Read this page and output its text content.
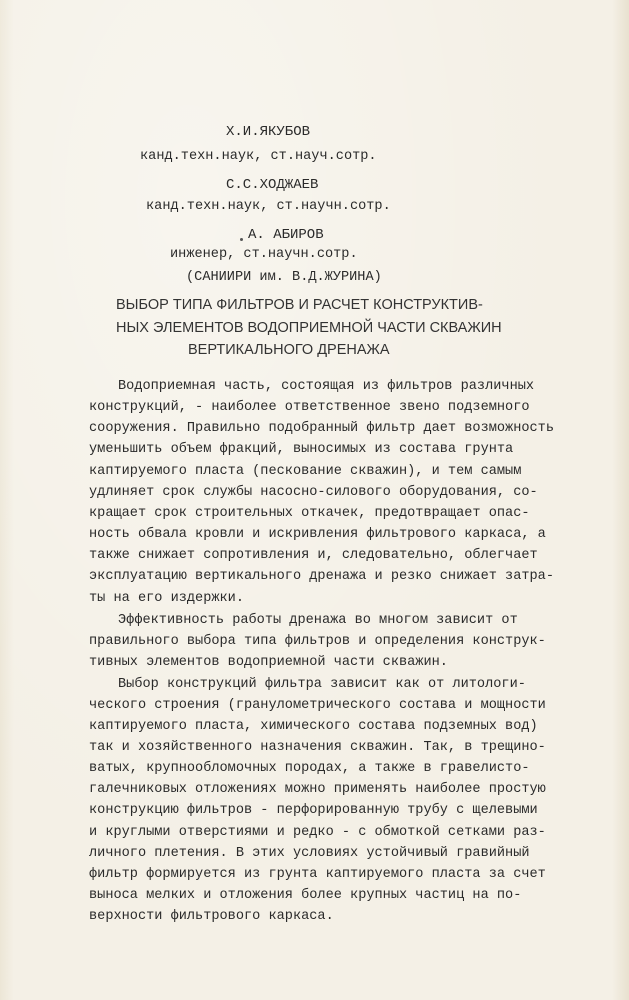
Х.И.ЯКУБОВ
канд.техн.наук, ст.науч.сотр.
С.С.ХОДЖАЕВ
канд.техн.наук, ст.научн.сотр.
А. АБИРОВ
инженер, ст.научн.сотр.
(САНИИРИ им. В.Д.ЖУРИНА)
ВЫБОР ТИПА ФИЛЬТРОВ И РАСЧЕТ КОНСТРУКТИВ-
НЫХ ЭЛЕМЕНТОВ ВОДОПРИЕМНОЙ ЧАСТИ СКВАЖИН
ВЕРТИКАЛЬНОГО ДРЕНАЖА
Водоприемная часть, состоящая из фильтров различных
конструкций, - наиболее ответственное звено подземного
сооружения. Правильно подобранный фильтр дает возможность
уменьшить объем фракций, выносимых из состава грунта
каптируемого пласта (пескование скважин), и тем самым
удлиняет срок службы насосно-силового оборудования, со-
кращает срок строительных откачек, предотвращает опас-
ность обвала кровли и искривления фильтрового каркаса, а
также снижает сопротивления и, следовательно, облегчает
эксплуатацию вертикального дренажа и резко снижает затра-
ты на его издержки.
Эффективность работы дренажа во многом зависит от
правильного выбора типа фильтров и определения конструк-
тивных элементов водоприемной части скважин.
Выбор конструкций фильтра зависит как от литологи-
ческого строения (гранулометрического состава и мощности
каптируемого пласта, химического состава подземных вод)
так и хозяйственного назначения скважин. Так, в трещино-
ватых, крупнообломочных породах, а также в гравелисто-
галечниковых отложениях можно применять наиболее простую
конструкцию фильтров - перфорированную трубу с щелевыми
и круглыми отверстиями и редко - с обмоткой сетками раз-
личного плетения. В этих условиях устойчивый гравийный
фильтр формируется из грунта каптируемого пласта за счет
выноса мелких и отложения более крупных частиц на по-
верхности фильтрового каркаса.
